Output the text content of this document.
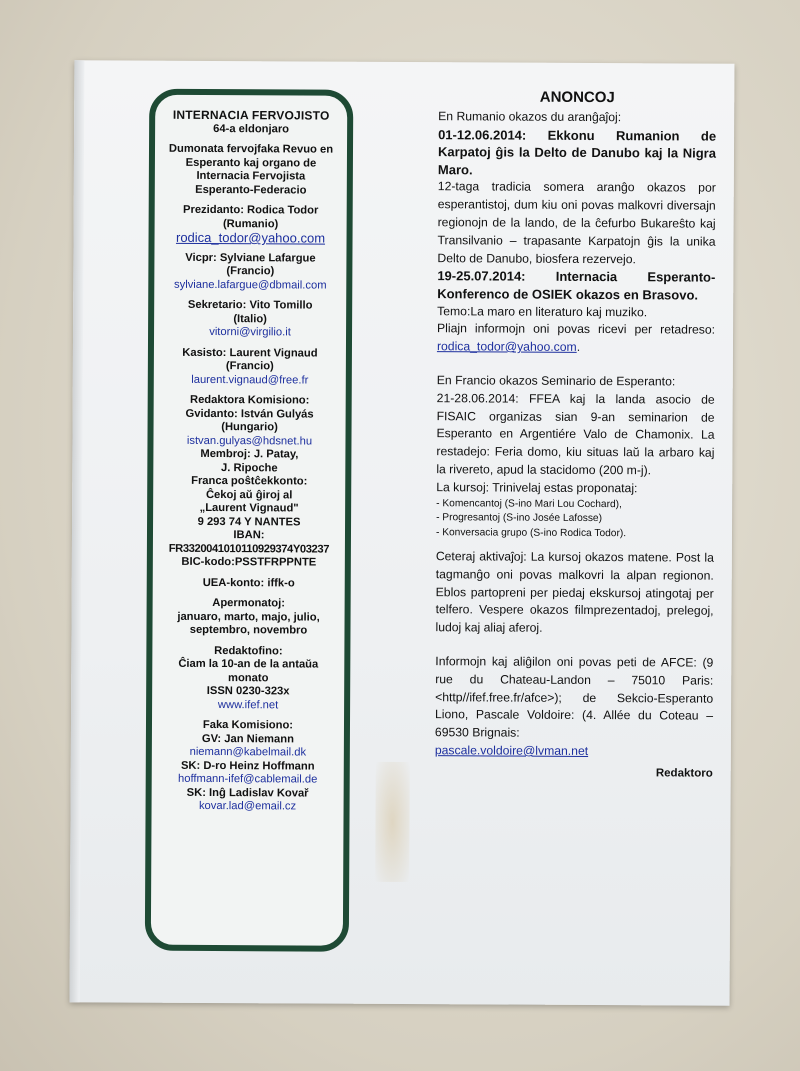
INTERNACIA FERVOJISTO
64-a eldonjaro
Dumonata fervojfaka Revuo en
Esperanto kaj organo de
Internacia Fervojista
Esperanto-Federacio
Prezidanto: Rodica Todor
(Rumanio)
rodica_todor@yahoo.com
Vicpr: Sylviane Lafargue
(Francio)
sylviane.lafargue@dbmail.com
Sekretario: Vito Tomillo
(Italio)
vitorni@virgilio.it
Kasisto: Laurent Vignaud
(Francio)
laurent.vignaud@free.fr
Redaktora Komisiono:
Gvidanto: István Gulyás
(Hungario)
istvan.gulyas@hdsnet.hu
Membroj: J. Patay,
J. Ripoche
Franca poŝtĉekkonto:
Ĉekoj aŭ ĝiroj al
„Laurent Vignaud"
9 293 74 Y NANTES
IBAN:
FR3320041010110929374Y03237
BIC-kodo:PSSTFRPPNTE
UEA-konto: iffk-o
Apermonatoj:
januaro, marto, majo, julio,
septembro, novembro
Redaktofino:
Ĉiam la 10-an de la antaŭa
monato
ISSN 0230-323x
www.ifef.net
Faka Komisiono:
GV: Jan Niemann
niemann@kabelmail.dk
SK: D-ro Heinz Hoffmann
hoffmann-ifef@cablemail.de
SK: Inĝ Ladislav Kovař
kovar.lad@email.cz
ANONCOJ

En Rumanio okazos du aranĝaĵoj:

01-12.06.2014: Ekkonu Rumanion de Karpatoj ĝis la Delto de Danubo kaj la Nigra Maro.

12-taga tradicia somera aranĝo okazos por esperantistoj, dum kiu oni povas malkovri diversajn regionojn de la lando, de la ĉefurbo Bukareŝto kaj Transilvanio – trapasante Karpatojn ĝis la unika Delto de Danubo, biosfera rezervejo.

19-25.07.2014: Internacia Esperanto-Konferenco de OSIEK okazos en Brasovo.

Temo:La maro en literaturo kaj muziko.

Pliajn informojn oni povas ricevi per retadreso: rodica_todor@yahoo.com.

En Francio okazos Seminario de Esperanto:

21-28.06.2014: FFEA kaj la landa asocio de FISAIC organizas sian 9-an seminarion de Esperanto en Argentiére Valo de Chamonix. La restadejo: Feria domo, kiu situas laŭ la arbaro kaj la rivereto, apud la stacidomo (200 m-j).

La kursoj: Trinivelaj estas proponataj:

- Komencantoj (S-ino Mari Lou Cochard),

- Progresantoj (S-ino Josée Lafosse)

- Konversacia grupo (S-ino Rodica Todor).

Ceteraj aktivaĵoj: La kursoj okazos matene. Post la tagmanĝo oni povas malkovri la alpan regionon. Eblos partopreni per piedaj ekskursoj atingotaj per telfero. Vespere okazos filmprezentadoj, prelegoj, ludoj kaj aliaj aferoj.

Informojn kaj aliĝilon oni povas peti de AFCE: (9 rue du Chateau-Landon – 75010 Paris: <http//ifef.free.fr/afce>); de Sekcio-Esperanto Liono, Pascale Voldoire: (4. Allée du Coteau – 69530 Brignais:

pascale.voldoire@lvman.net

Redaktoro
